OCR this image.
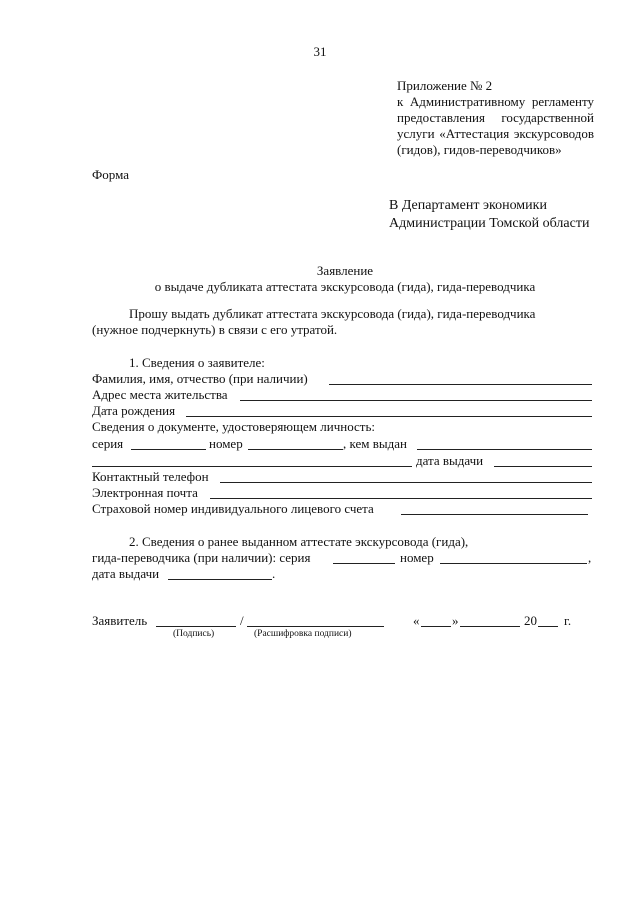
31
Приложение № 2
к Административному регламенту
предоставления государственной
услуги «Аттестация экскурсоводов
(гидов), гидов-переводчиков»
Форма
В Департамент экономики
Администрации Томской области
Заявление
о выдаче дубликата аттестата экскурсовода (гида), гида-переводчика
Прошу выдать дубликат аттестата экскурсовода (гида), гида-переводчика
(нужное подчеркнуть) в связи с его утратой.
1. Сведения о заявителе:
Фамилия, имя, отчество (при наличии)
Адрес места жительства
Дата рождения
Сведения о документе, удостоверяющем личность:
серия	номер	, кем выдан
дата выдачи
Контактный телефон
Электронная почта
Страховой номер индивидуального лицевого счета
2. Сведения о ранее выданном аттестате экскурсовода (гида),
гида-переводчика (при наличии): серия	номер	,
дата выдачи	.
Заявитель	/	«	»	20 г.
(Подпись)	(Расшифровка подписи)
